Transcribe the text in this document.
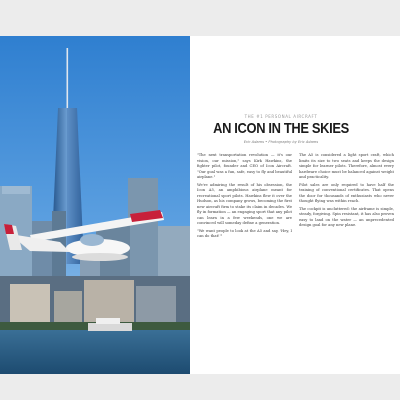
THE #1 PERSONAL AIRCRAFT
AN ICON IN THE SKIES
Eric Adams • Photography by Eric Adams

"The next transportation revolution — it's our vision, our mission," says Kirk Hawkins, the fighter pilot, founder and CEO of Icon Aircraft. "Our goal was a fun, safe, easy to fly and beautiful airplane."

We're admiring the result of his obsession, the Icon A5, an amphibious airplane meant for recreational sport pilots. Hawkins flew it over the Hudson, as his company grows, becoming the first new aircraft firm to stake its claim in decades. We fly in formation — an engaging sport that any pilot can learn in a few weekends, one we are convinced will someday define a generation.

"We want people to look at the A5 and say, 'Hey, I can do that!'"

The A5 is considered a light sport craft, which limits its size to two seats and keeps the design simple for learner pilots. Therefore, almost every hardware choice must be balanced against weight and practicality.

Pilot sales are only required to have half the training of conventional certificates. That opens the door for thousands of enthusiasts who never thought flying was within reach.

The cockpit is uncluttered: the airframe is simple, steady, forgiving. Spin resistant, it has also proven easy to land on the water — an unprecedented design goal for any new plane.
